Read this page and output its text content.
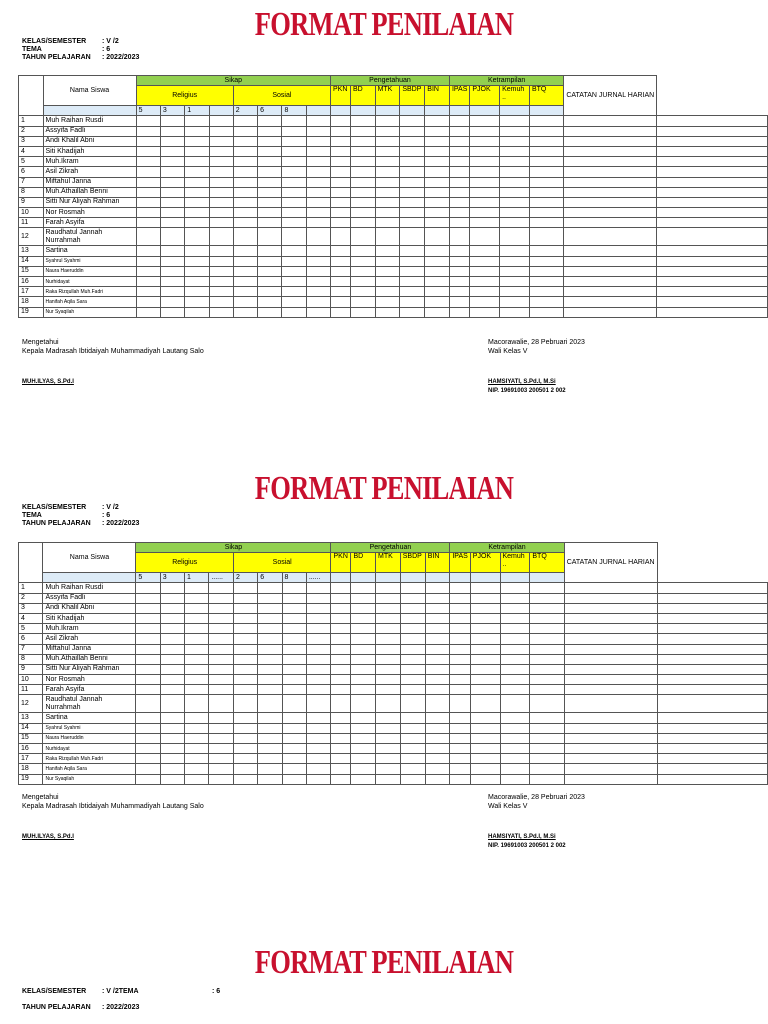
FORMAT PENILAIAN
KELAS/SEMESTER	: V /2
TEMA	: 6
TAHUN PELAJARAN	: 2022/2023
	Nama Siswa	Sikap								Pengetahuan					Ketrampilan				CATATAN JURNAL HARIAN	
		Religius				Sosial				PKN	BD	MTK	SBDP	BIN	IPAS	PJOK	Kemuh ..	BTQ		
		5	3	1		2	6	8												
1	Muh Raihan Rusdi																			
2	Assyifa Fadli																			
3	Andi Khalil Abni																			
4	Siti Khadijah																			
5	Muh.Ikram																			
6	Asil Zikrah																			
7	Miftahul Janna																			
8	Muh.Athaillah Benni																			
9	Sitti Nur Aliyah Rahman																			
10	Nor Rosmah																			
11	Farah Asyifa																			
12	Raudhatul Jannah Nurrahmah																			
13	Sartina																			
14	Syahrul Syahmi																			
15	Naura Haeruddin																			
16	Nurhidayat																			
17	Raka Rizqullah Muh.Fadri																			
18	Hanifah Aqila Sara																			
19	Nur Syaqilah																			
Mengetahui
Kepala Madrasah Ibtidaiyah Muhammadiyah Lautang Salo
MUH.ILYAS, S.Pd.I
Macorawalie, 28 Pebruari 2023
Wali Kelas V
HAMSIYATI, S.Pd.I, M.Si
NIP. 19691003 200501 2 002
FORMAT PENILAIAN
KELAS/SEMESTER	: V /2
TEMA	: 6
TAHUN PELAJARAN	: 2022/2023
	Nama Siswa	Sikap								Pengetahuan					Ketrampilan				CATATAN JURNAL HARIAN	
		Religius				Sosial				PKN	BD	MTK	SBDP	BIN	IPAS	PJOK	Kemuh ..	BTQ		
		5	3	1	......	2	6	8	......											
1	Muh Raihan Rusdi																			
2	Assyifa Fadli																			
3	Andi Khalil Abni																			
4	Siti Khadijah																			
5	Muh.Ikram																			
6	Asil Zikrah																			
7	Miftahul Janna																			
8	Muh.Athaillah Benni																			
9	Sitti Nur Aliyah Rahman																			
10	Nor Rosmah																			
11	Farah Asyifa																			
12	Raudhatul Jannah Nurrahmah																			
13	Sartina																			
14	Syahrul Syahmi																			
15	Naura Haeruddin																			
16	Nurhidayat																			
17	Raka Rizqullah Muh.Fadri																			
18	Hanifah Aqila Sara																			
19	Nur Syaqilah																			
Mengetahui
Kepala Madrasah Ibtidaiyah Muhammadiyah Lautang Salo
MUH.ILYAS, S.Pd.I
Macorawalie, 28 Pebruari 2023
Wali Kelas V
HAMSIYATI, S.Pd.I, M.Si
NIP. 19691003 200501 2 002
FORMAT PENILAIAN
KELAS/SEMESTER	: V /2TEMA	: 6
TAHUN PELAJARAN	: 2022/2023
